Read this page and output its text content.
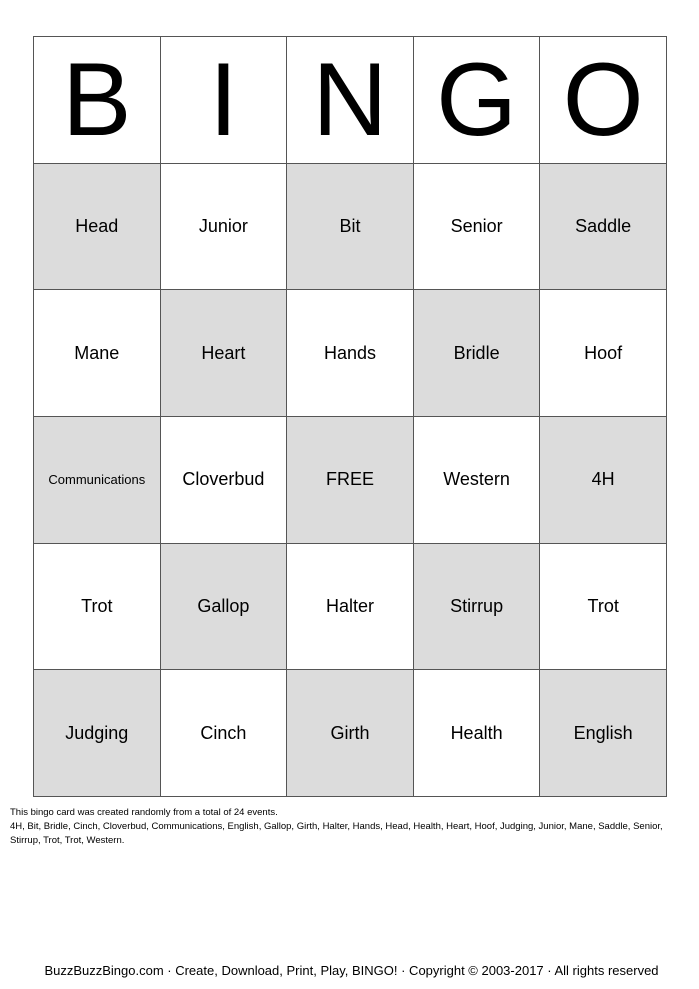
B	I	N	G	O
Head	Junior	Bit	Senior	Saddle
Mane	Heart	Hands	Bridle	Hoof
Communications	Cloverbud	FREE	Western	4H
Trot	Gallop	Halter	Stirrup	Trot
Judging	Cinch	Girth	Health	English
This bingo card was created randomly from a total of 24 events.
4H, Bit, Bridle, Cinch, Cloverbud, Communications, English, Gallop, Girth, Halter, Hands, Head, Health, Heart, Hoof, Judging, Junior, Mane, Saddle, Senior, Stirrup, Trot, Trot, Western.
BuzzBuzzBingo.com · Create, Download, Print, Play, BINGO! · Copyright © 2003-2017 · All rights reserved
